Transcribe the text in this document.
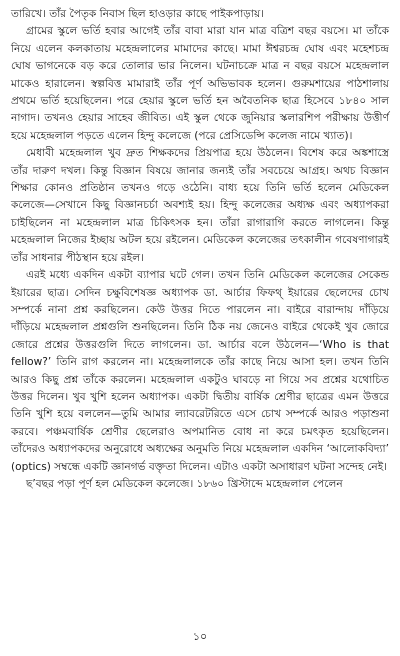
তারিখে। তাঁর পৈতৃক নিবাস ছিল হাওড়ার কাছে পাইকপাড়ায়।

গ্রামের স্কুলে ভর্তি হবার আগেই তাঁর বাবা মারা যান মাত্র বত্রিশ বছর বয়সে। মা তাঁকে নিয়ে এলেন কলকাতায় মহেন্দ্রলালের মামাদের কাছে। মামা ঈশ্বরচন্দ্র ঘোষ এবং মহেশচন্দ্র ঘোষ ভাগনেকে বড় করে তোলার ভার নিলেন। ঘটনাচক্রে মাত্র ন বছর বয়সে মহেন্দ্রলাল মাকেও হারালেন। স্বল্পবিত্ত মামারাই তাঁর পূর্ণ অভিভাবক হলেন। গুরুমশায়ের পাঠশালায় প্রথমে ভর্তি হয়েছিলেন। পরে হেয়ার স্কুলে ভর্তি হন অবৈতনিক ছাত্র হিসেবে ১৮৪০ সাল নাগাদ। তখনও হেয়ার সাহেব জীবিত। এই স্কুল থেকে জুনিয়ার স্কলারশিপ পরীক্ষায় উত্তীর্ণ হয়ে মহেন্দ্রলাল পড়তে এলেন হিন্দু কলেজে (পরে প্রেসিডেন্সি কলেজ নামে খ্যাত)।

মেধাবী মহেন্দ্রলাল খুব দ্রুত শিক্ষকদের প্রিয়পাত্র হয়ে উঠলেন। বিশেষ করে অঙ্কশাস্ত্রে তাঁর দারুণ দখল। কিন্তু বিজ্ঞান বিষয়ে জানার জন্যই তাঁর সবচেয়ে আগ্রহ। অথচ বিজ্ঞান শিক্ষার কোনও প্রতিষ্ঠান তখনও গড়ে ওঠেনি। বাধ্য হয়ে তিনি ভর্তি হলেন মেডিকেল কলেজে—সেখানে কিছু বিজ্ঞানচর্চা অবশ্যই হয়। হিন্দু কলেজের অধ্যক্ষ এবং অধ্যাপকরা চাইছিলেন না মহেন্দ্রলাল মাত্র চিকিৎসক হন। তাঁরা রাগারাগি করতে লাগলেন। কিন্তু মহেন্দ্রলাল নিজের ইচ্ছায় অটল হয়ে রইলেন। মেডিকেল কলেজের তৎকালীন গবেষণাগারই তাঁর সাধনার পীঠস্থান হয়ে রইল।

এরই মধ্যে একদিন একটা ব্যাপার ঘটে গেল। তখন তিনি মেডিকেল কলেজের সেকেন্ড ইয়ারের ছাত্র। সেদিন চক্ষুবিশেষজ্ঞ অধ্যাপক ডা. আর্চার ফিফথ্ ইয়ারের ছেলেদের চোখ সম্পর্কে নানা প্রশ্ন করছিলেন। কেউ উত্তর দিতে পারলেন না। বাইরে বারান্দায় দাঁড়িয়ে দাঁড়িয়ে মহেন্দ্রলাল প্রশ্নগুলি শুনছিলেন। তিনি ঠিক নয় জেনেও বাইরে থেকেই খুব জোরে জোরে প্রশ্নের উত্তরগুলি দিতে লাগলেন। ডা. আর্চার বলে উঠলেন—‘Who is that fellow?’ তিনি রাগ করলেন না। মহেন্দ্রলালকে তাঁর কাছে নিয়ে আসা হল। তখন তিনি আরও কিছু প্রশ্ন তাঁকে করলেন। মহেন্দ্রলাল একটুও ঘাবড়ে না গিয়ে সব প্রশ্নের যথোচিত উত্তর দিলেন। খুব খুশি হলেন অধ্যাপক। একটা দ্বিতীয় বার্ষিক শ্রেণীর ছাত্রের এমন উত্তরে তিনি খুশি হয়ে বললেন—তুমি আমার ল্যাবরেটরিতে এসে চোখ সম্পর্কে আরও পড়াশুনা করবে। পঞ্চমবার্ষিক শ্রেণীর ছেলেরাও অপমানিত বোধ না করে চমৎকৃত হয়েছিলেন। তাঁদেরও অধ্যাপকদের অনুরোধে অধ্যক্ষের অনুমতি নিয়ে মহেন্দ্রলাল একদিন ‘আলোকবিদ্যা’ (optics) সম্বন্ধে একটি জ্ঞানগর্ভ বক্তৃতা দিলেন। এটাও একটা অসাধারণ ঘটনা সন্দেহ নেই।

ছ’বছর পড়া পূর্ণ হল মেডিকেল কলেজে। ১৮৬০ খ্রিস্টাব্দে মহেন্দ্রলাল পেলেন

১০
